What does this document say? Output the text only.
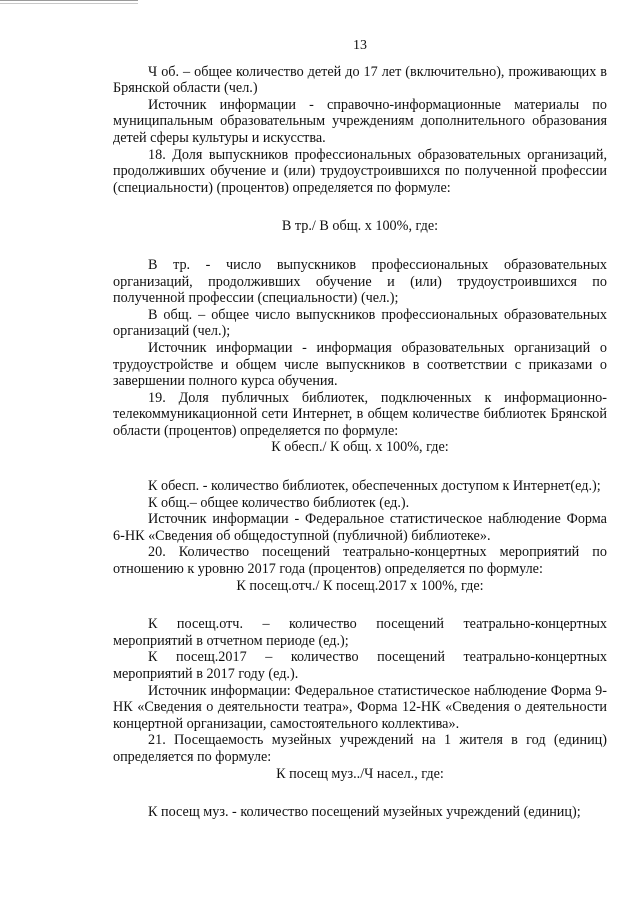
13

Ч об. – общее количество детей до 17 лет (включительно), проживающих в Брянской области (чел.)

Источник информации - справочно-информационные материалы по муниципальным образовательным учреждениям дополнительного образования детей сферы культуры и искусства.

18. Доля выпускников профессиональных образовательных организаций, продолживших обучение и (или) трудоустроившихся по полученной профессии (специальности) (процентов) определяется по формуле:

В тр./ В общ. х 100%, где:

В тр. - число выпускников профессиональных образовательных организаций, продолживших обучение и (или) трудоустроившихся по полученной профессии (специальности) (чел.);

В общ. – общее число выпускников профессиональных образовательных организаций (чел.);

Источник информации - информация образовательных организаций о трудоустройстве и общем числе выпускников в соответствии с приказами о завершении полного курса обучения.

19. Доля публичных библиотек, подключенных к информационно-телекоммуникационной сети Интернет, в общем количестве библиотек Брянской области (процентов) определяется по формуле:

К обесп./ К общ. х 100%, где:

К обесп. - количество библиотек, обеспеченных доступом к Интернет(ед.);

К общ.– общее количество библиотек (ед.).

Источник информации - Федеральное статистическое наблюдение Форма 6-НК «Сведения об общедоступной (публичной) библиотеке».

20. Количество посещений театрально-концертных мероприятий по отношению к уровню 2017 года (процентов) определяется по формуле:

К посещ.отч./ К посещ.2017 х 100%, где:

К посещ.отч. – количество посещений театрально-концертных мероприятий в отчетном периоде (ед.);

К посещ.2017 – количество посещений театрально-концертных мероприятий в 2017 году (ед.).

Источник информации: Федеральное статистическое наблюдение Форма 9-НК «Сведения о деятельности театра», Форма 12-НК «Сведения о деятельности концертной организации, самостоятельного коллектива».

21. Посещаемость музейных учреждений на 1 жителя в год (единиц) определяется по формуле:

К посещ муз../Ч насел., где:

К посещ муз. - количество посещений музейных учреждений (единиц);
